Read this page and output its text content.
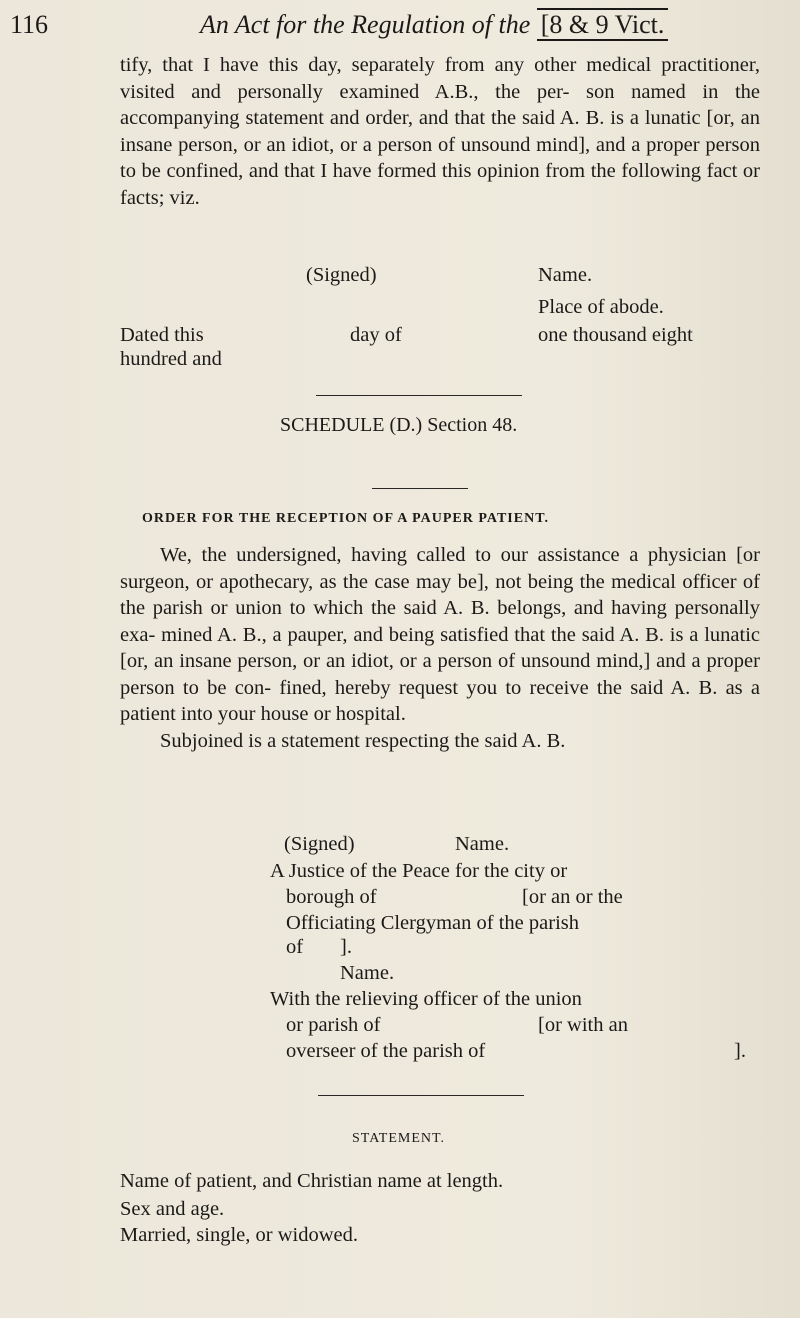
116	An Act for the Regulation of the [8 & 9 Vict.

tify, that I have this day, separately from any other medical practitioner, visited and personally examined A.B., the per- son named in the accompanying statement and order, and that the said A. B. is a lunatic [or, an insane person, or an idiot, or a person of unsound mind], and a proper person to be confined, and that I have formed this opinion from the following fact or facts; viz.

(Signed)	Name.
Place of abode.
Dated this	day of	one thousand eight
hundred and
SCHEDULE (D.) Section 48.
ORDER FOR THE RECEPTION OF A PAUPER PATIENT.

We, the undersigned, having called to our assistance a physician [or surgeon, or apothecary, as the case may be], not being the medical officer of the parish or union to which the said A. B. belongs, and having personally exa- mined A. B., a pauper, and being satisfied that the said A. B. is a lunatic [or, an insane person, or an idiot, or a person of unsound mind,] and a proper person to be con- fined, hereby request you to receive the said A. B. as a patient into your house or hospital.

Subjoined is a statement respecting the said A. B.

(Signed)	Name.
A Justice of the Peace for the city or
borough of	[or an or the
Officiating Clergyman of the parish
of ].
Name.
With the relieving officer of the union
or parish of	[or with an
overseer of the parish of	].
STATEMENT.
Name of patient, and Christian name at length.
Sex and age.
Married, single, or widowed.
